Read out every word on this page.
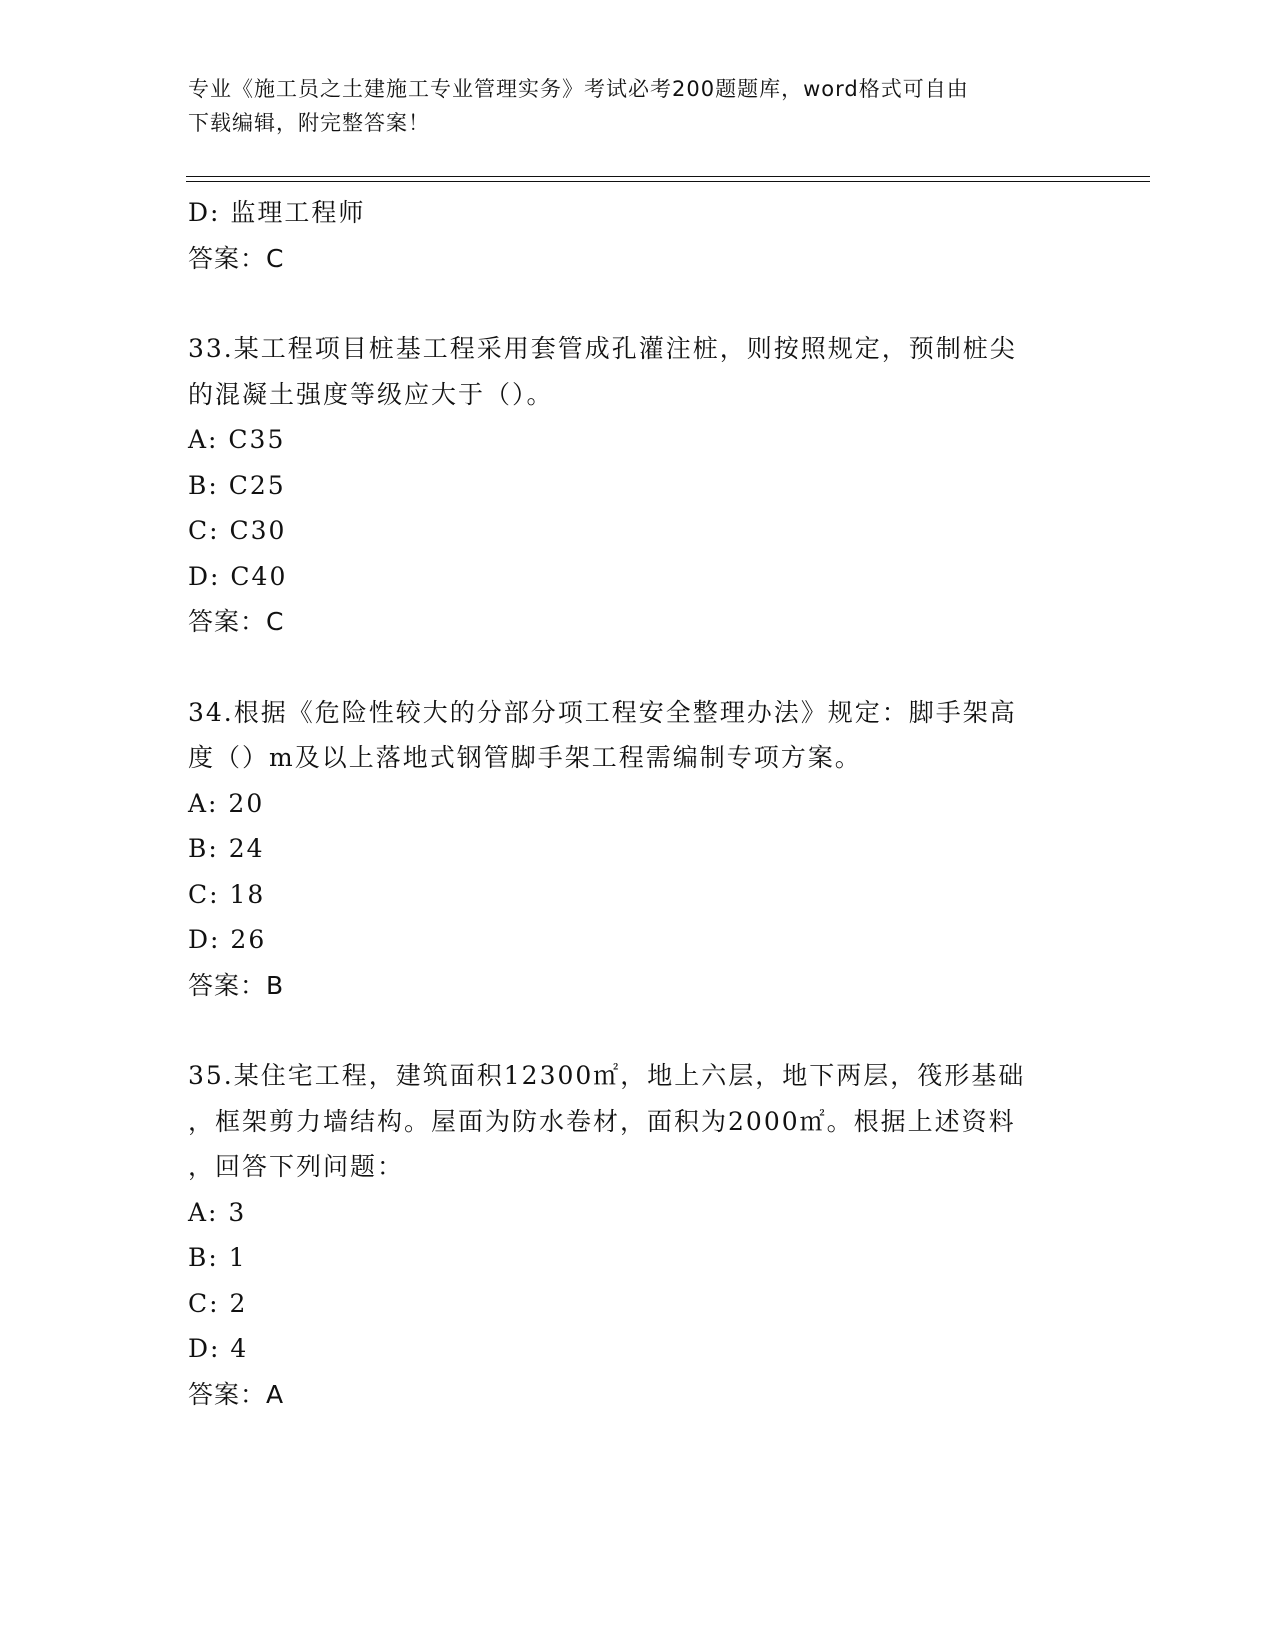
专业《施工员之土建施工专业管理实务》考试必考200题题库，word格式可自由
下载编辑，附完整答案！
D: 监理工程师
答案：C
33.某工程项目桩基工程采用套管成孔灌注桩，则按照规定，预制桩尖
的混凝土强度等级应大于（）。
A: C35
B: C25
C: C30
D: C40
答案：C
34.根据《危险性较大的分部分项工程安全整理办法》规定：脚手架高
度（）m及以上落地式钢管脚手架工程需编制专项方案。
A: 20
B: 24
C: 18
D: 26
答案：B
35.某住宅工程，建筑面积12300㎡，地上六层，地下两层，筏形基础
，框架剪力墙结构。屋面为防水卷材，面积为2000㎡。根据上述资料
，回答下列问题：
A: 3
B: 1
C: 2
D: 4
答案：A
